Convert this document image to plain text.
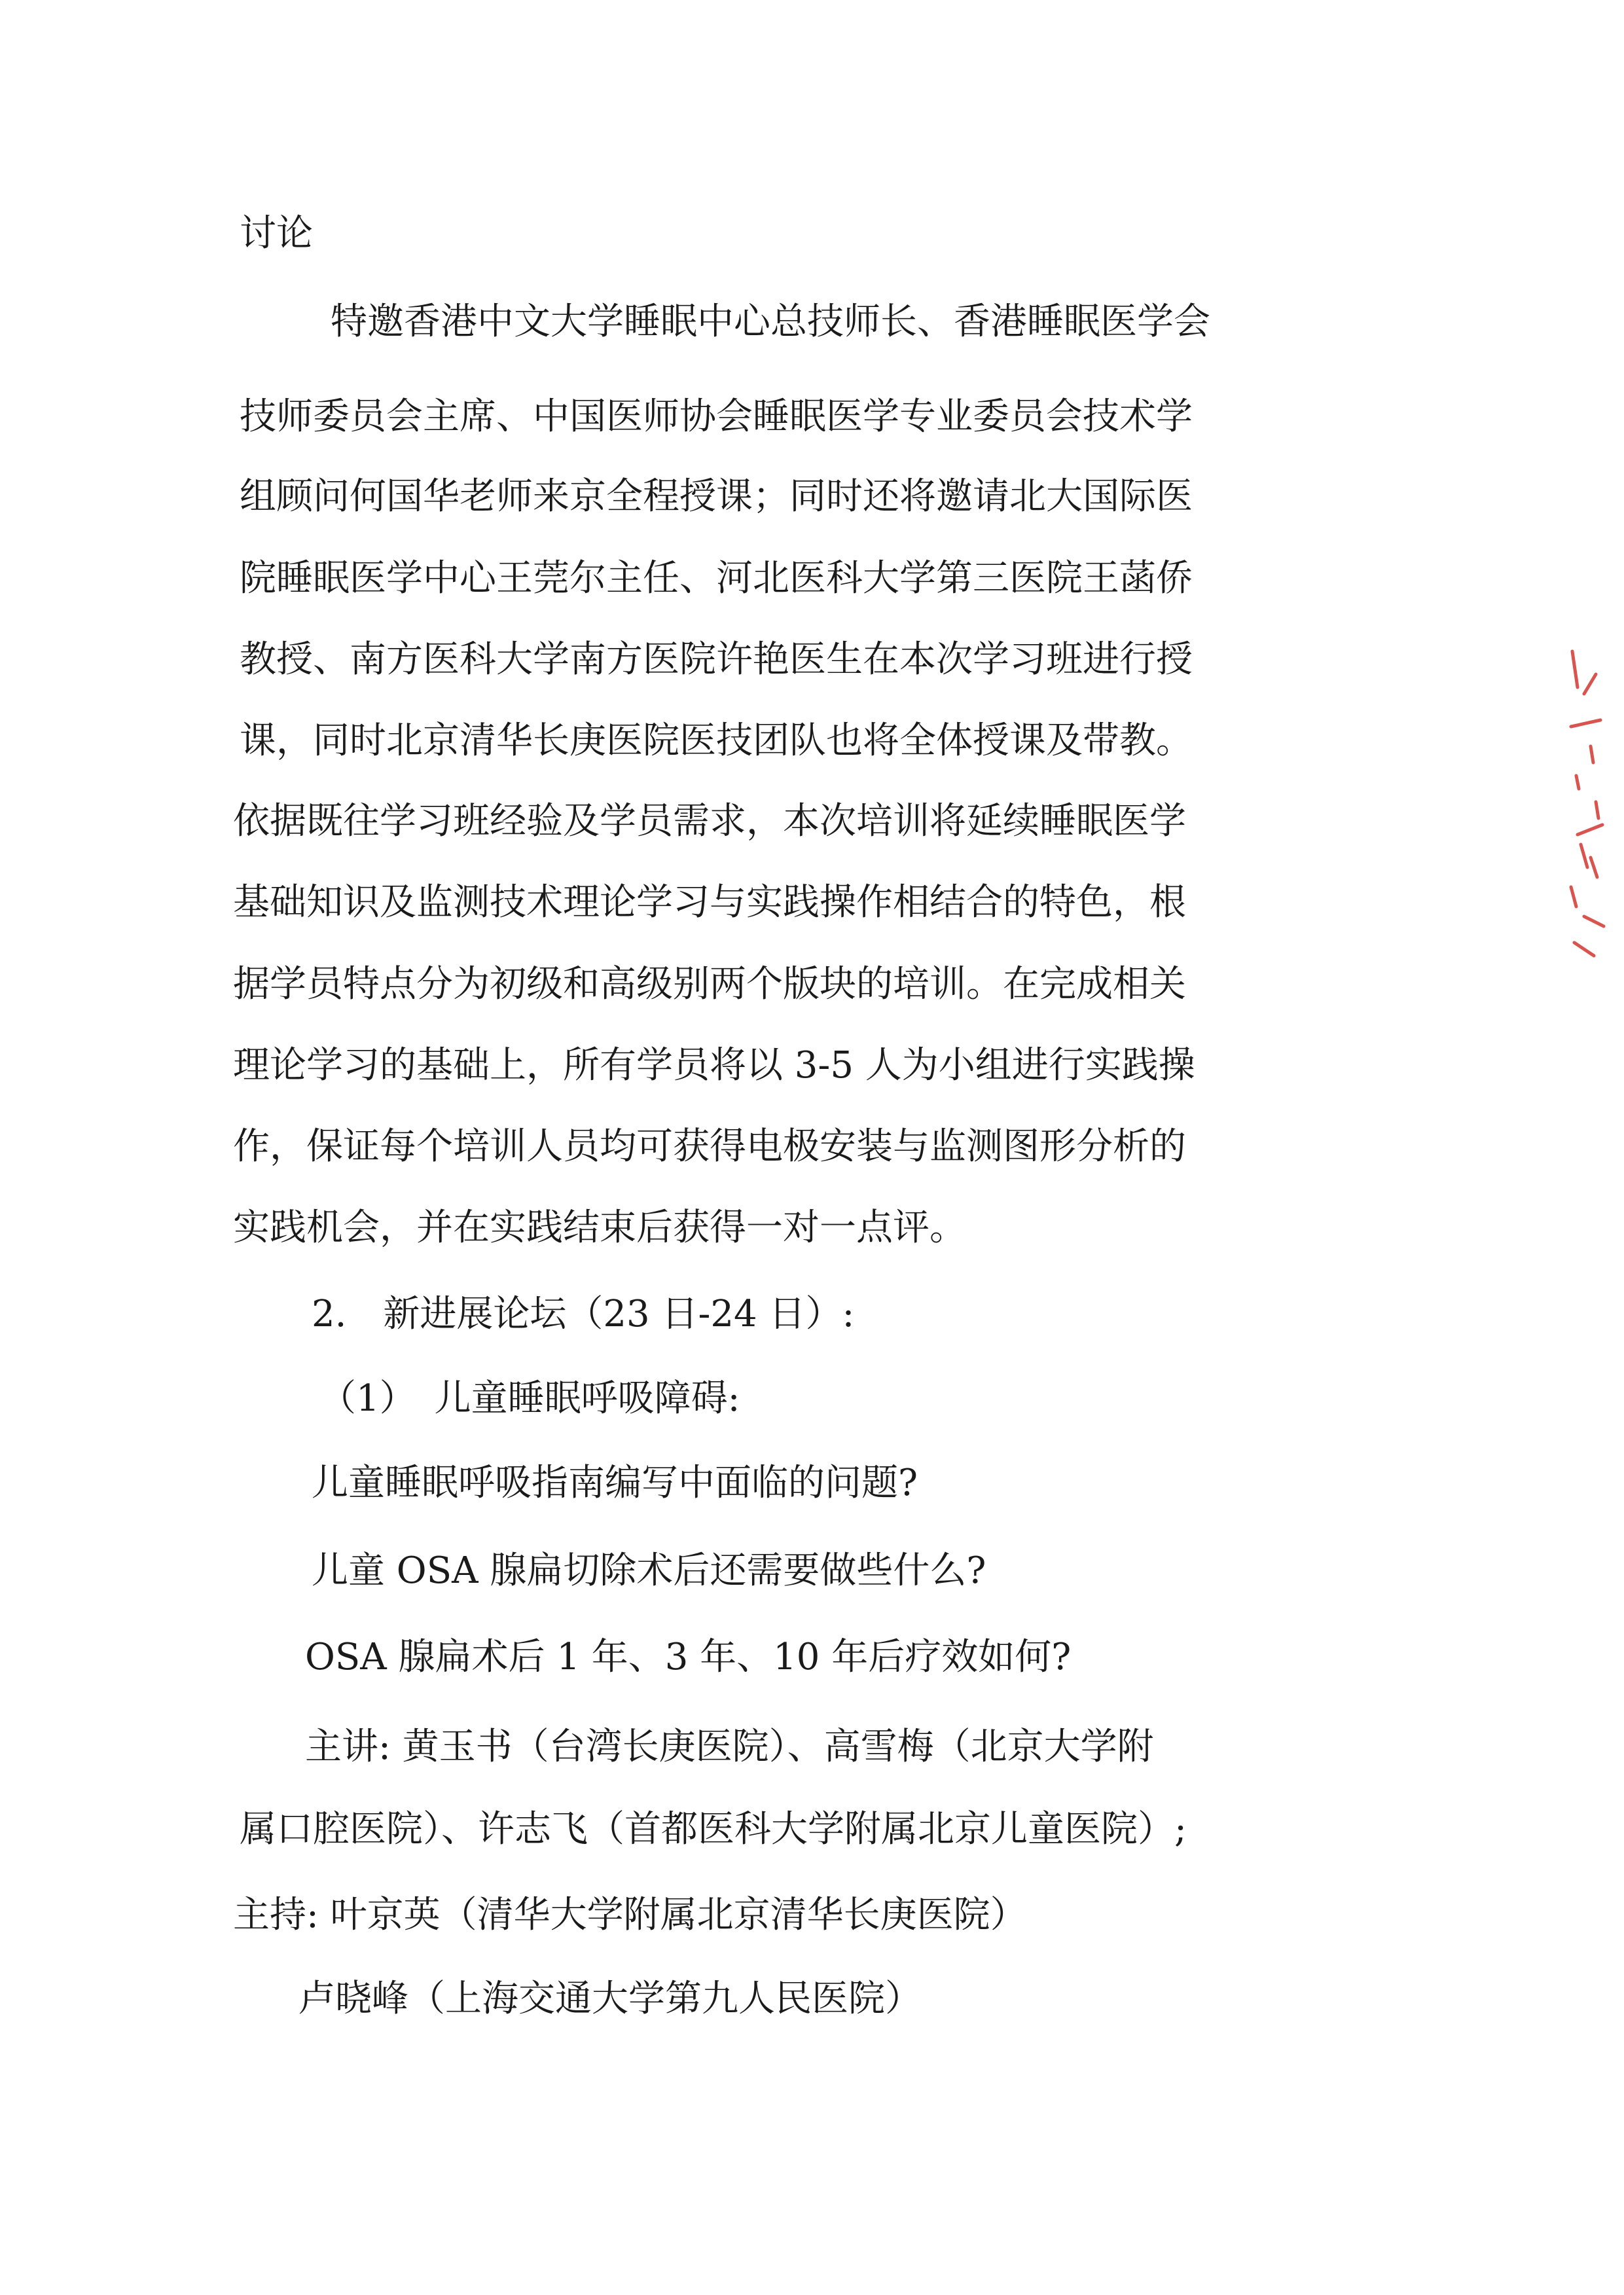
讨论
特邀香港中文大学睡眠中心总技师长、香港睡眠医学会
技师委员会主席、中国医师协会睡眠医学专业委员会技术学
组顾问何国华老师来京全程授课；同时还将邀请北大国际医
院睡眠医学中心王莞尔主任、河北医科大学第三医院王菡侨
教授、南方医科大学南方医院许艳医生在本次学习班进行授
课，同时北京清华长庚医院医技团队也将全体授课及带教。
依据既往学习班经验及学员需求，本次培训将延续睡眠医学
基础知识及监测技术理论学习与实践操作相结合的特色，根
据学员特点分为初级和高级别两个版块的培训。在完成相关
理论学习的基础上，所有学员将以 3-5 人为小组进行实践操
作，保证每个培训人员均可获得电极安装与监测图形分析的
实践机会，并在实践结束后获得一对一点评。
2.　新进展论坛（23 日-24 日）:
（1）　儿童睡眠呼吸障碍:
儿童睡眠呼吸指南编写中面临的问题?
儿童 OSA 腺扁切除术后还需要做些什么?
OSA 腺扁术后 1 年、3 年、10 年后疗效如何?
主讲: 黄玉书（台湾长庚医院）、高雪梅（北京大学附
属口腔医院）、许志飞（首都医科大学附属北京儿童医院）;
主持: 叶京英（清华大学附属北京清华长庚医院）
卢晓峰（上海交通大学第九人民医院）
